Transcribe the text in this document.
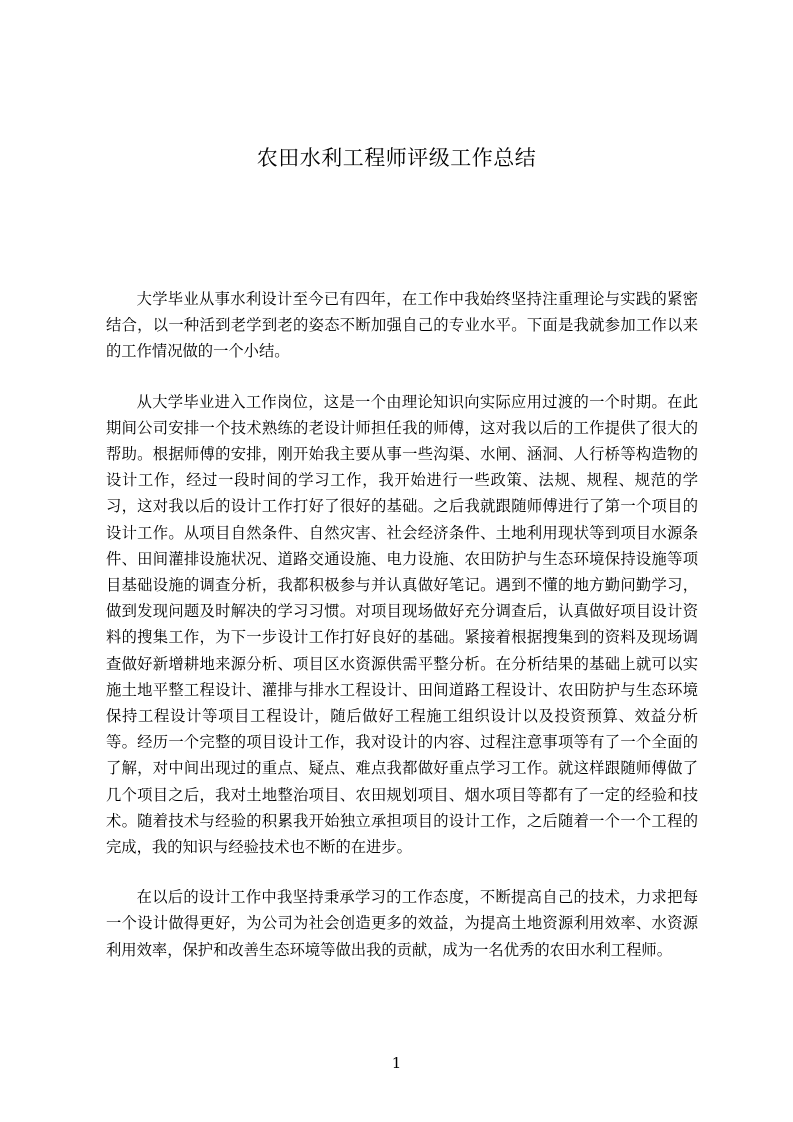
农田水利工程师评级工作总结

大学毕业从事水利设计至今已有四年，在工作中我始终坚持注重理论与实践的紧密结合，以一种活到老学到老的姿态不断加强自己的专业水平。下面是我就参加工作以来的工作情况做的一个小结。

从大学毕业进入工作岗位，这是一个由理论知识向实际应用过渡的一个时期。在此期间公司安排一个技术熟练的老设计师担任我的师傅，这对我以后的工作提供了很大的帮助。根据师傅的安排，刚开始我主要从事一些沟渠、水闸、涵洞、人行桥等构造物的设计工作，经过一段时间的学习工作，我开始进行一些政策、法规、规程、规范的学习，这对我以后的设计工作打好了很好的基础。之后我就跟随师傅进行了第一个项目的设计工作。从项目自然条件、自然灾害、社会经济条件、土地利用现状等到项目水源条件、田间灌排设施状况、道路交通设施、电力设施、农田防护与生态环境保持设施等项目基础设施的调查分析，我都积极参与并认真做好笔记。遇到不懂的地方勤问勤学习，做到发现问题及时解决的学习习惯。对项目现场做好充分调查后，认真做好项目设计资料的搜集工作，为下一步设计工作打好良好的基础。紧接着根据搜集到的资料及现场调查做好新增耕地来源分析、项目区水资源供需平整分析。在分析结果的基础上就可以实施土地平整工程设计、灌排与排水工程设计、田间道路工程设计、农田防护与生态环境保持工程设计等项目工程设计，随后做好工程施工组织设计以及投资预算、效益分析等。经历一个完整的项目设计工作，我对设计的内容、过程注意事项等有了一个全面的了解，对中间出现过的重点、疑点、难点我都做好重点学习工作。就这样跟随师傅做了几个项目之后，我对土地整治项目、农田规划项目、烟水项目等都有了一定的经验和技术。随着技术与经验的积累我开始独立承担项目的设计工作，之后随着一个一个工程的完成，我的知识与经验技术也不断的在进步。

在以后的设计工作中我坚持秉承学习的工作态度，不断提高自己的技术，力求把每一个设计做得更好，为公司为社会创造更多的效益，为提高土地资源利用效率、水资源利用效率，保护和改善生态环境等做出我的贡献，成为一名优秀的农田水利工程师。

1
